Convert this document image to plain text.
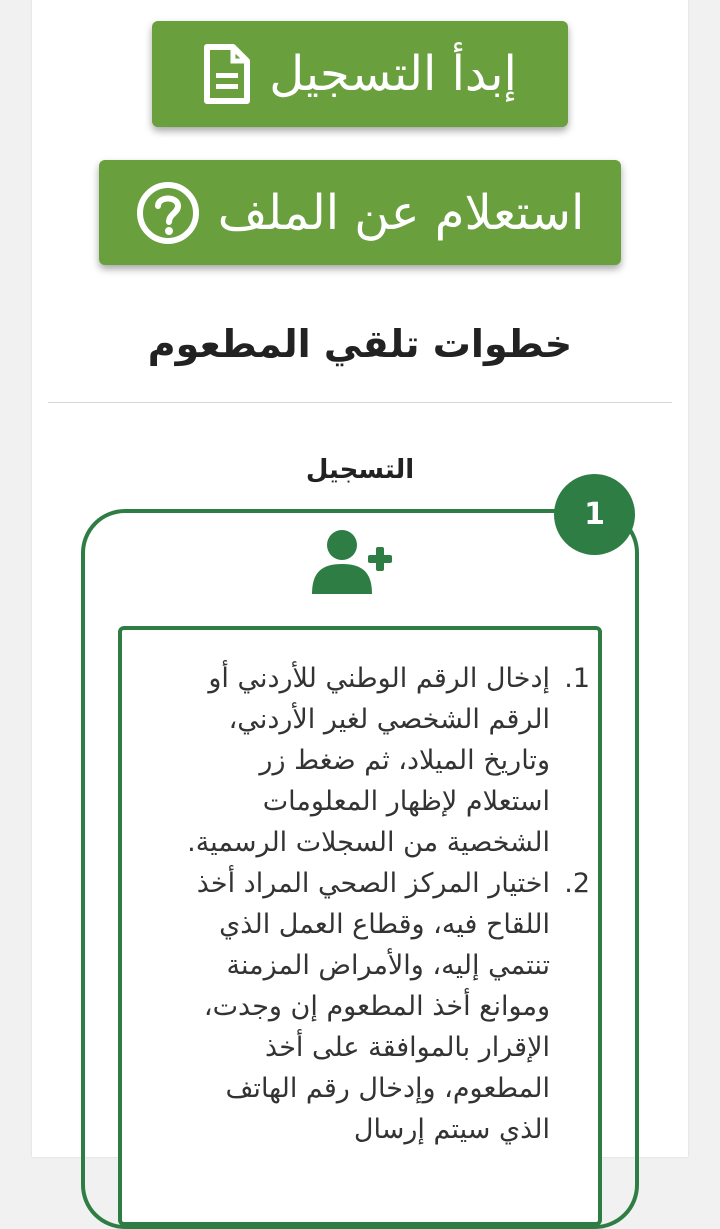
إبدأ التسجيل
استعلام عن الملف
خطوات تلقي المطعوم
التسجيل
1
1.
إدخال الرقم الوطني للأردني أو الرقم الشخصي لغير الأردني، وتاريخ الميلاد، ثم ضغط زر استعلام لإظهار المعلومات الشخصية من السجلات الرسمية.
2.
اختيار المركز الصحي المراد أخذ اللقاح فيه، وقطاع العمل الذي تنتمي إليه، والأمراض المزمنة وموانع أخذ المطعوم إن وجدت، الإقرار بالموافقة على أخذ المطعوم، وإدخال رقم الهاتف الذي سيتم إرسال
